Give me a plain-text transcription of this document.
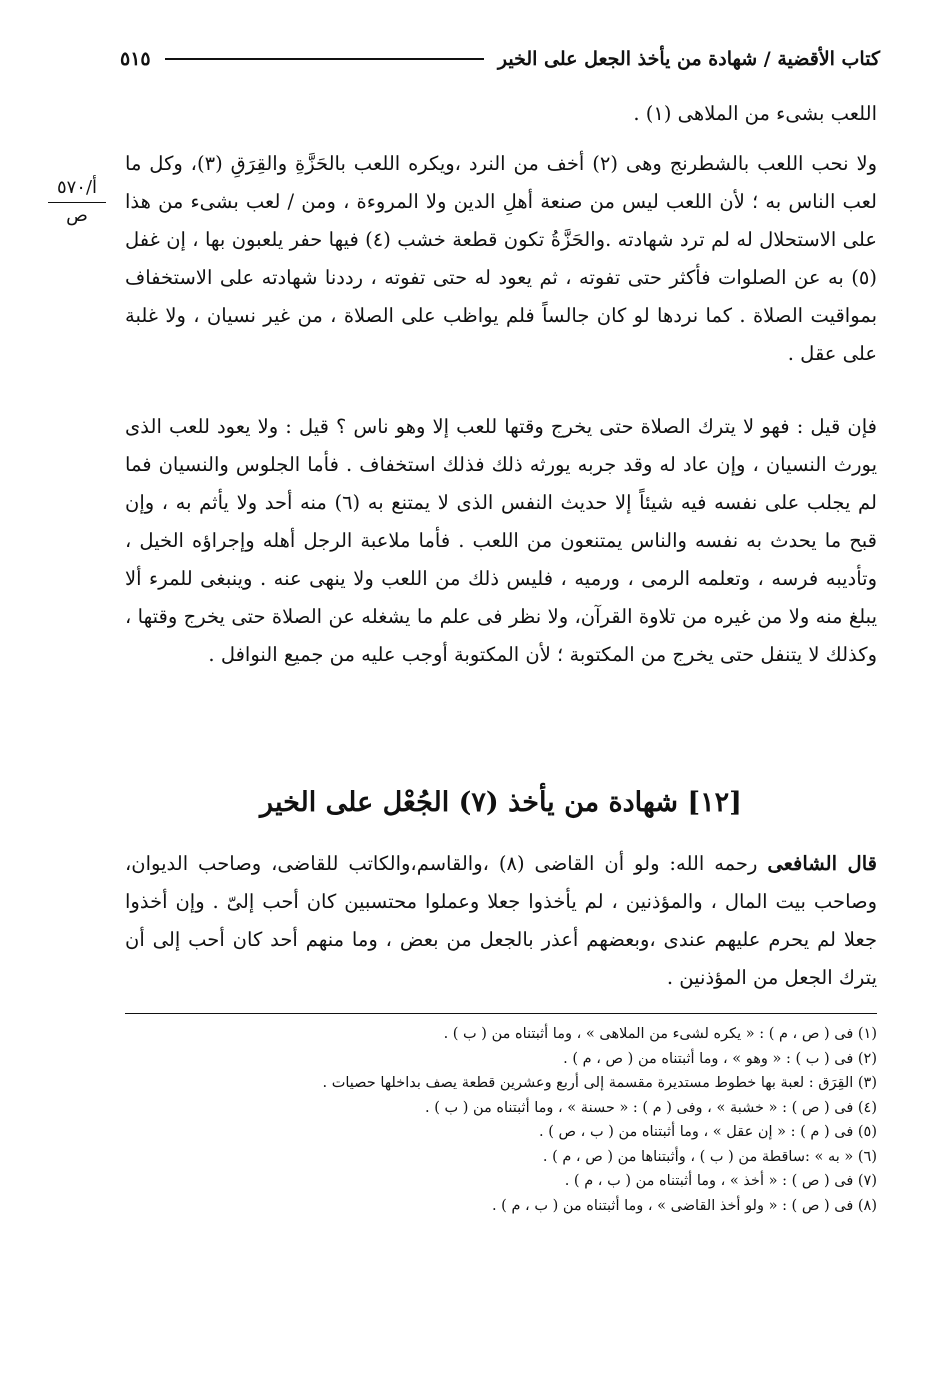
كتاب الأقضية / شهادة من يأخذ الجعل على الخير
٥١٥
أ/٥٧٠
ص

اللعب بشىء من الملاهى (١) .

ولا نحب اللعب بالشطرنج وهى (٢) أخف من النرد ،ويكره اللعب بالحَزَّةِ والقِرَقِ (٣)، وكل ما لعب الناس به ؛ لأن اللعب ليس من صنعة أهلِ الدين ولا المروءة ، ومن / لعب بشىء من هذا على الاستحلال له لم ترد شهادته .والحَزَّةُ تكون قطعة خشب (٤) فيها حفر يلعبون بها ، إن غفل (٥) به عن الصلوات فأكثر حتى تفوته ، ثم يعود له حتى تفوته ، رددنا شهادته على الاستخفاف بمواقيت الصلاة . كما نردها لو كان جالساً فلم يواظب على الصلاة ، من غير نسيان ، ولا غلبة على عقل .

فإن قيل : فهو لا يترك الصلاة حتى يخرج وقتها للعب إلا وهو ناس ؟ قيل : ولا يعود للعب الذى يورث النسيان ، وإن عاد له وقد جربه يورثه ذلك فذلك استخفاف . فأما الجلوس والنسيان فما لم يجلب على نفسه فيه شيئاً إلا حديث النفس الذى لا يمتنع به (٦) منه أحد ولا يأثم به ، وإن قبح ما يحدث به نفسه والناس يمتنعون من اللعب . فأما ملاعبة الرجل أهله وإجراؤه الخيل ، وتأديبه فرسه ، وتعلمه الرمى ، ورميه ، فليس ذلك من اللعب ولا ينهى عنه . وينبغى للمرء ألا يبلغ منه ولا من غيره من تلاوة القرآن، ولا نظر فى علم ما يشغله عن الصلاة حتى يخرج وقتها ، وكذلك لا يتنفل حتى يخرج من المكتوبة ؛ لأن المكتوبة أوجب عليه من جميع النوافل .

[١٢] شهادة من يأخذ (٧) الجُعْل على الخير

قال الشافعى رحمه الله: ولو أن القاضى (٨) ،والقاسم،والكاتب للقاضى، وصاحب الديوان، وصاحب بيت المال ، والمؤذنين ، لم يأخذوا جعلا وعملوا محتسبين كان أحب إلىّ . وإن أخذوا جعلا لم يحرم عليهم عندى ،وبعضهم أعذر بالجعل من بعض ، وما منهم أحد كان أحب إلى أن يترك الجعل من المؤذنين .

(١) فى ( ص ، م ) : « يكره لشىء من الملاهى » ، وما أثبتناه من ( ب ) .
(٢) فى ( ب ) : « وهو » ، وما أثبتناه من ( ص ، م ) .
(٣) القِرَق : لعبة بها خطوط مستديرة مقسمة إلى أربع وعشرين قطعة يصف بداخلها حصيات .
(٤) فى ( ص ) : « خشبة » ، وفى ( م ) : « حسنة » ، وما أثبتناه من ( ب ) .
(٥) فى ( م ) : « إن عقل » ، وما أثبتناه من ( ب ، ص ) .
(٦) « به » :ساقطة من ( ب ) ، وأثبتناها من ( ص ، م ) .
(٧) فى ( ص ) : « أخذ » ، وما أثبتناه من ( ب ، م ) .
(٨) فى ( ص ) : « ولو أخذ القاضى » ، وما أثبتناه من ( ب ، م ) .
